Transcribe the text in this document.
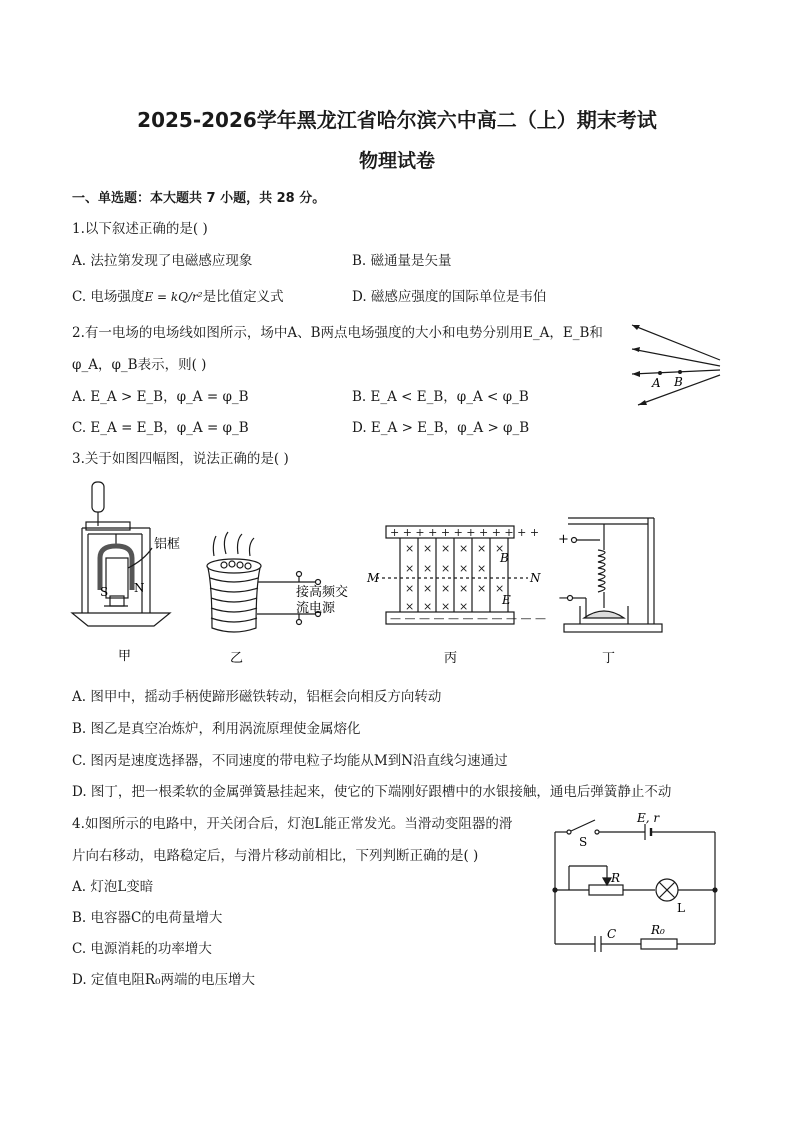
2025-2026学年黑龙江省哈尔滨六中高二（上）期末考试
物理试卷
一、单选题：本大题共 7 小题，共 28 分。
1.以下叙述正确的是( )
A. 法拉第发现了电磁感应现象	B. 磁通量是矢量
C. 电场强度E = kQ/r²是比值定义式	D. 磁感应强度的国际单位是韦伯
2.有一电场的电场线如图所示，场中A、B两点电场强度的大小和电势分别用E_A，E_B和
φ_A，φ_B表示，则( )
A. E_A > E_B，φ_A = φ_B	B. E_A < E_B，φ_A < φ_B
C. E_A = E_B，φ_A = φ_B	D. E_A > E_B，φ_A > φ_B
A B
3.关于如图四幅图，说法正确的是( )
铝框
S N
甲
接高频交
流电源
乙
+ + + + + + + + + + + +
— — — — — — — — — — —
× × × × × ×
× × × × ×
× × × × × ×
× × × ×
M	N
B
E
丙
+
−
丁
A. 图甲中，摇动手柄使蹄形磁铁转动，铝框会向相反方向转动
B. 图乙是真空冶炼炉，利用涡流原理使金属熔化
C. 图丙是速度选择器，不同速度的带电粒子均能从M到N沿直线匀速通过
D. 图丁，把一根柔软的金属弹簧悬挂起来，使它的下端刚好跟槽中的水银接触，通电后弹簧静止不动
4.如图所示的电路中，开关闭合后，灯泡L能正常发光。当滑动变阻器的滑
片向右移动，电路稳定后，与滑片移动前相比，下列判断正确的是( )
A. 灯泡L变暗
B. 电容器C的电荷量增大
C. 电源消耗的功率增大
D. 定值电阻R₀两端的电压增大
E, r
S
R
L
C	R₀
